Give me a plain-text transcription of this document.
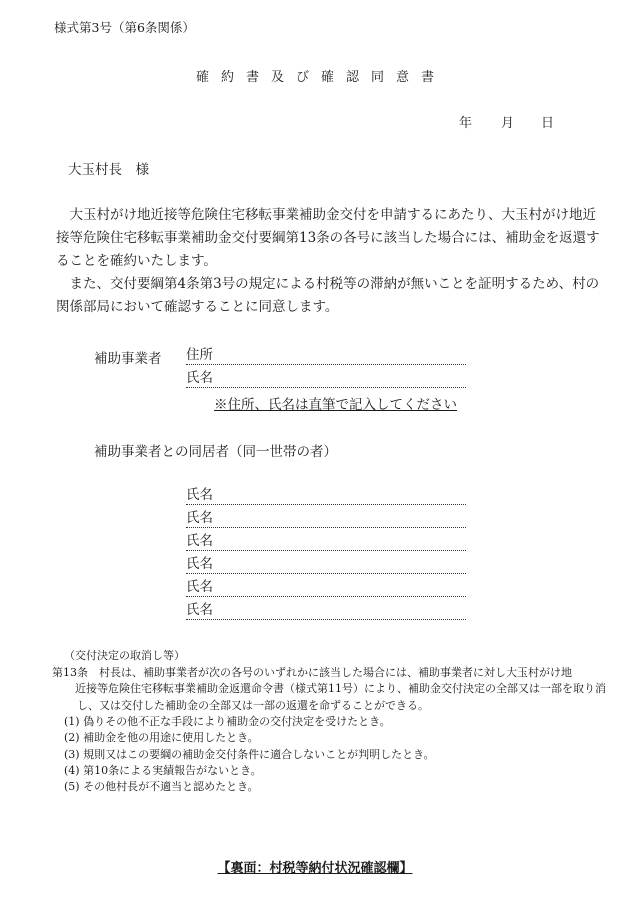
様式第3号（第6条関係）
確約書及び確認同意書
年 月 日
大玉村長　様
大玉村がけ地近接等危険住宅移転事業補助金交付を申請するにあたり、大玉村がけ地近接等危険住宅移転事業補助金交付要綱第13条の各号に該当した場合には、補助金を返還することを確約いたします。
また、交付要綱第4条第3号の規定による村税等の滞納が無いことを証明するため、村の関係部局において確認することに同意します。
補助事業者 住所
氏名
※住所、氏名は直筆で記入してください
補助事業者との同居者（同一世帯の者）
氏名
氏名
氏名
氏名
氏名
氏名
（交付決定の取消し等）
第13条　村長は、補助事業者が次の各号のいずれかに該当した場合には、補助事業者に対し大玉村がけ地
近接等危険住宅移転事業補助金返還命令書（様式第11号）により、補助金交付決定の全部又は一部を取り消し、又は交付した補助金の全部又は一部の返還を命ずることができる。
(1) 偽りその他不正な手段により補助金の交付決定を受けたとき。
(2) 補助金を他の用途に使用したとき。
(3) 規則又はこの要綱の補助金交付条件に適合しないことが判明したとき。
(4) 第10条による実績報告がないとき。
(5) その他村長が不適当と認めたとき。
【裏面：村税等納付状況確認欄】
